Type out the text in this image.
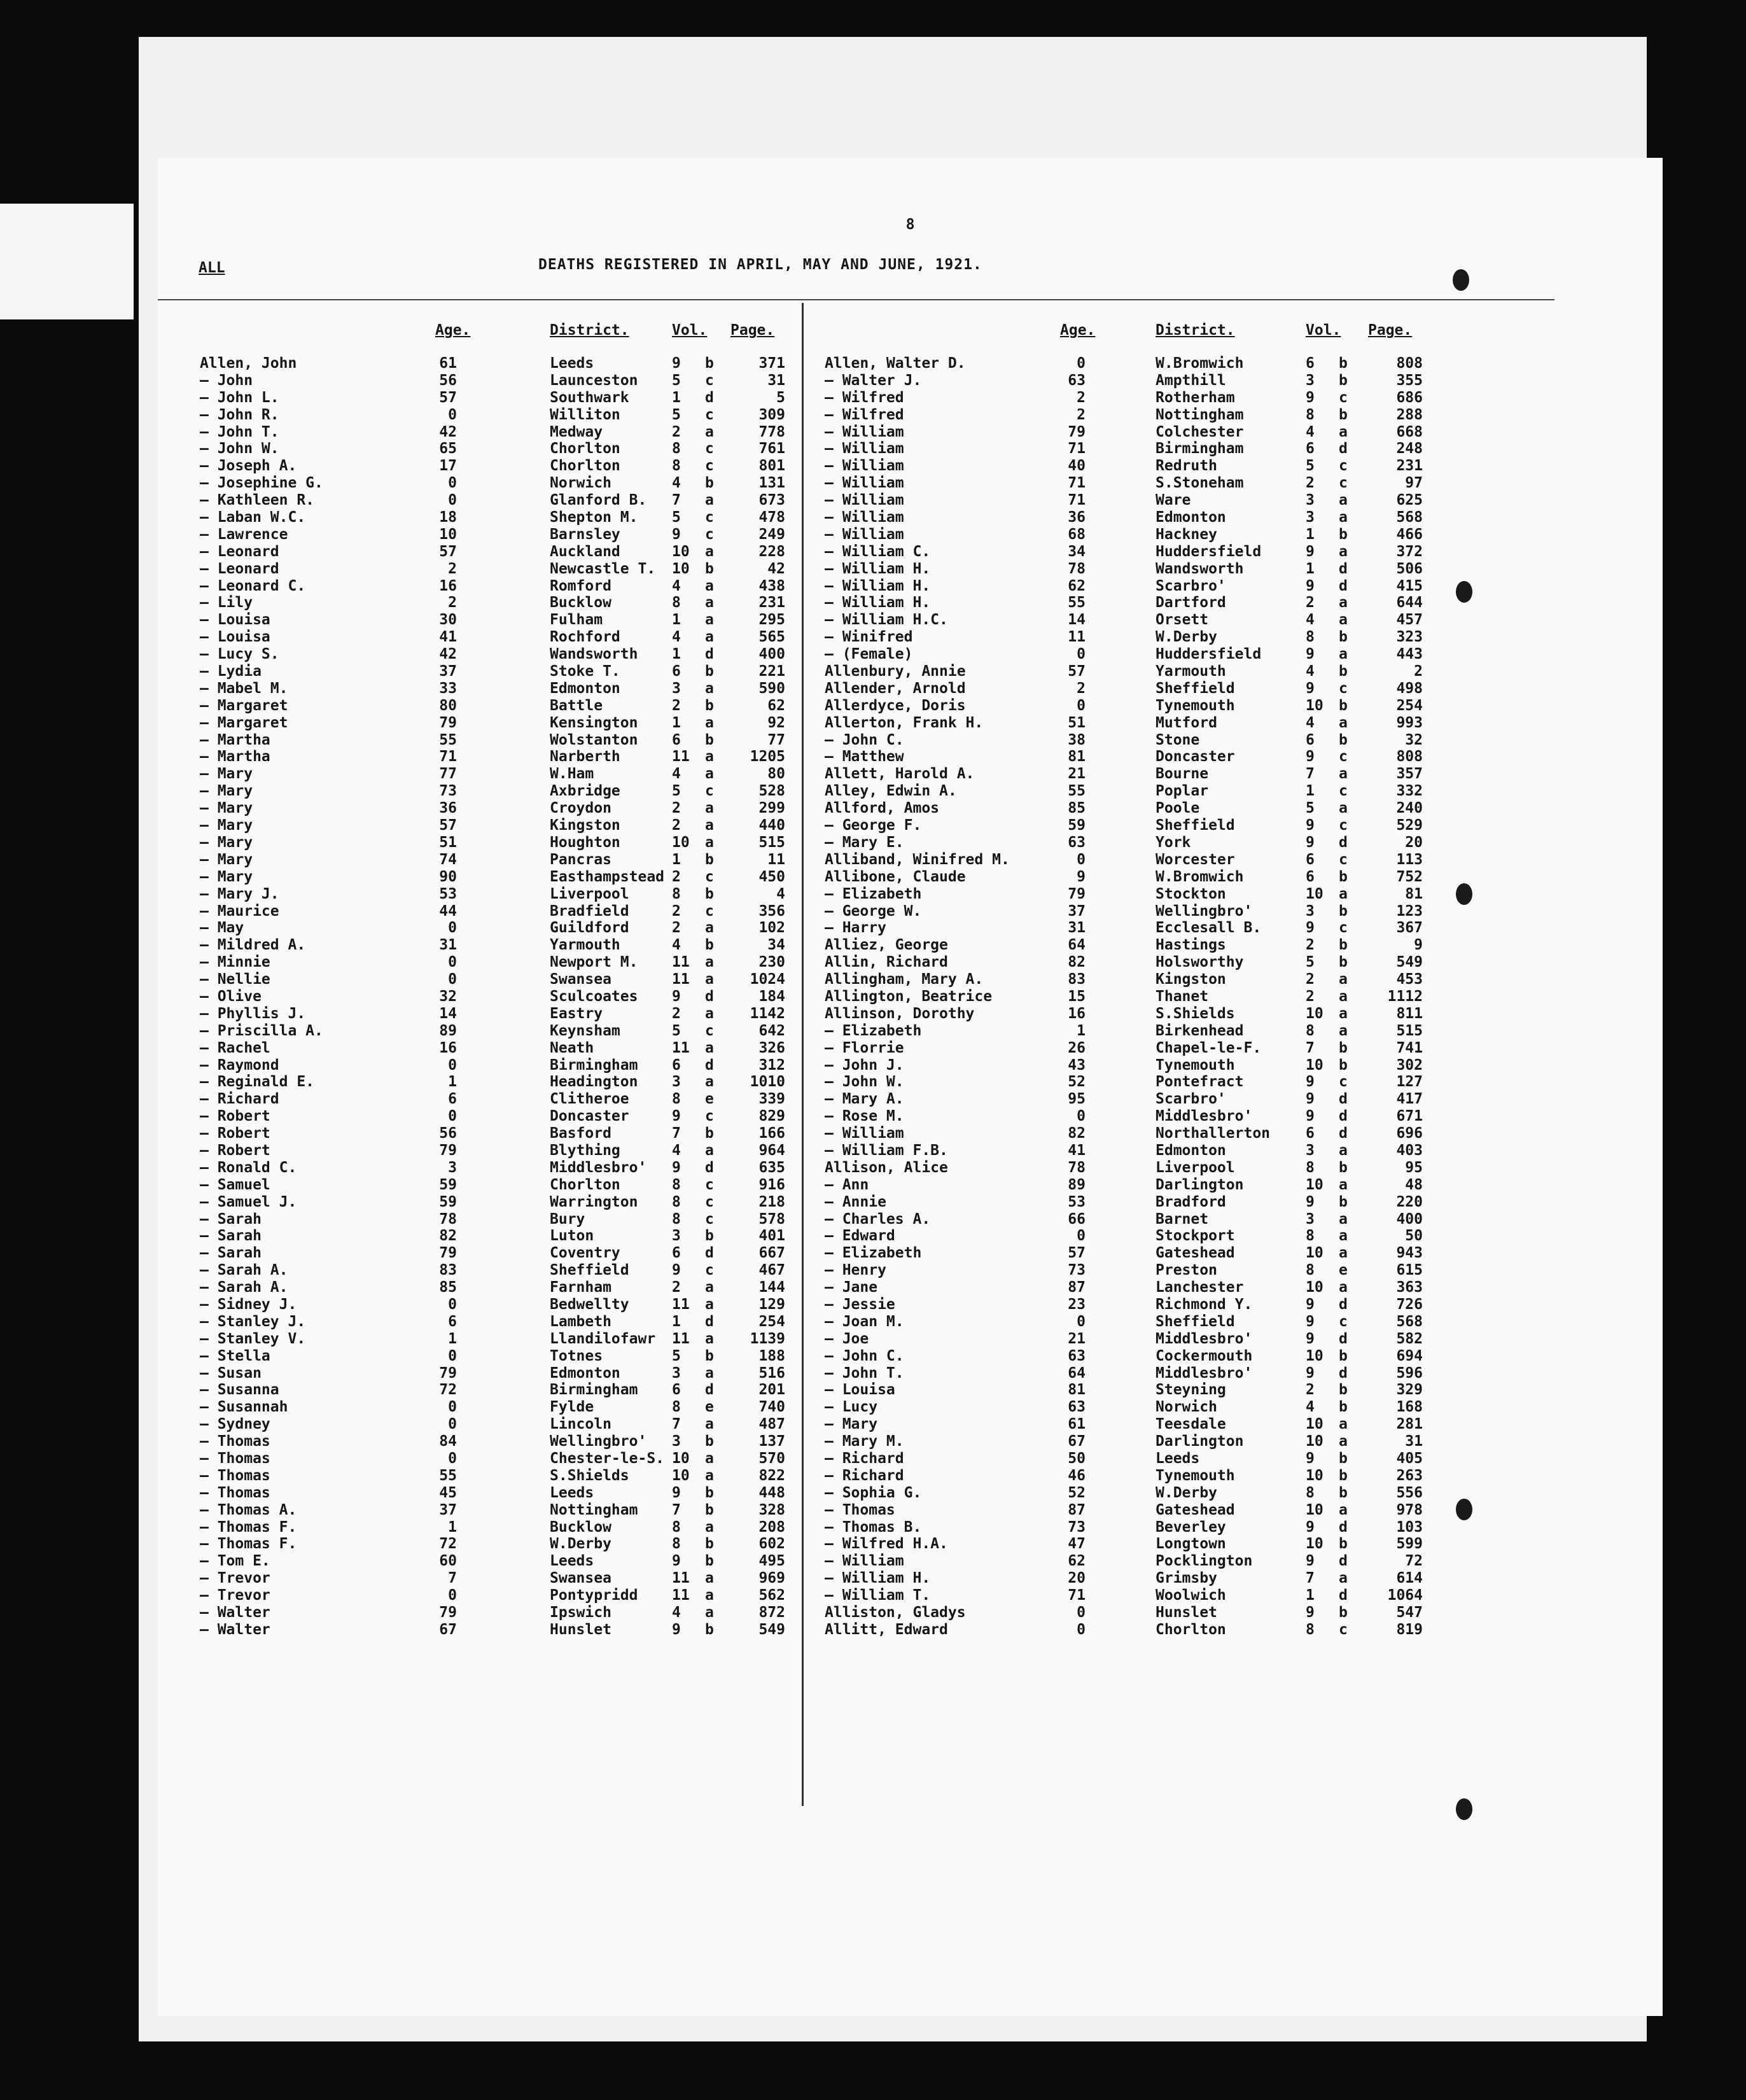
8
ALL	DEATHS REGISTERED IN APRIL, MAY AND JUNE, 1921.
Age.	District.	Vol. Page.
Allen, John	61	Leeds	9	b	371
— John	56	Launceston 5	c	31
— John L.	57	Southwark	1	d	5
— John R.	0	Williton	5	c	309
— John T.	42	Medway	2	a	778
— John W.	65	Chorlton	8	c	761
— Joseph A.	17	Chorlton	8	c	801
— Josephine G.	0	Norwich	4	b	131
— Kathleen R.	0	Glanford B. 7	a	673
— Laban W.C.	18	Shepton M. 5	c	478
— Lawrence	10	Barnsley	9	c	249
— Leonard	57	Auckland	10	a	228
— Leonard	2	Newcastle T. 10	b	42
— Leonard C.	16	Romford	4	a	438
— Lily	2	Bucklow	8	a	231
— Louisa	30	Fulham	1	a	295
— Louisa	41	Rochford	4	a	565
— Lucy S.	42	Wandsworth 1	d	400
— Lydia	37	Stoke T.	6	b	221
— Mabel M.	33	Edmonton	3	a	590
— Margaret	80	Battle	2	b	62
— Margaret	79	Kensington 1	a	92
— Martha	55	Wolstanton 6	b	77
— Martha	71	Narberth	11	a	1205
— Mary	77	W.Ham	4	a	80
— Mary	73	Axbridge	5	c	528
— Mary	36	Croydon	2	a	299
— Mary	57	Kingston	2	a	440
— Mary	51	Houghton	10	a	515
— Mary	74	Pancras	1	b	11
— Mary	90	Easthampstead 2	c	450
— Mary J.	53	Liverpool	8	b	4
— Maurice	44	Bradfield	2	c	356
— May	0	Guildford	2	a	102
— Mildred A.	31	Yarmouth	4	b	34
— Minnie	0	Newport M. 11	a	230
— Nellie	0	Swansea	11	a	1024
— Olive	32	Sculcoates 9	d	184
— Phyllis J.	14	Eastry	2	a	1142
— Priscilla A.	89	Keynsham	5	c	642
— Rachel	16	Neath	11	a	326
— Raymond	0	Birmingham 6	d	312
— Reginald E.	1	Headington 3	a	1010
— Richard	6	Clitheroe	8	e	339
— Robert	0	Doncaster	9	c	829
— Robert	56	Basford	7	b	166
— Robert	79	Blything	4	a	964
— Ronald C.	3	Middlesbro' 9	d	635
— Samuel	59	Chorlton	8	c	916
— Samuel J.	59	Warrington 8	c	218
— Sarah	78	Bury	8	c	578
— Sarah	82	Luton	3	b	401
— Sarah	79	Coventry	6	d	667
— Sarah A.	83	Sheffield	9	c	467
— Sarah A.	85	Farnham	2	a	144
— Sidney J.	0	Bedwellty	11	a	129
— Stanley J.	6	Lambeth	1	d	254
— Stanley V.	1	Llandilofawr 11	a	1139
— Stella	0	Totnes	5	b	188
— Susan	79	Edmonton	3	a	516
— Susanna	72	Birmingham 6	d	201
— Susannah	0	Fylde	8	e	740
— Sydney	0	Lincoln	7	a	487
— Thomas	84	Wellingbro' 3	b	137
— Thomas	0	Chester-le-S. 10	a	570
— Thomas	55	S.Shields	10	a	822
— Thomas	45	Leeds	9	b	448
— Thomas A.	37	Nottingham 7	b	328
— Thomas F.	1	Bucklow	8	a	208
— Thomas F.	72	W.Derby	8	b	602
— Tom E.	60	Leeds	9	b	495
— Trevor	7	Swansea	11	a	969
— Trevor	0	Pontypridd 11	a	562
— Walter	79	Ipswich	4	a	872
— Walter	67	Hunslet	9	b	549
Age.	District.	Vol. Page.
Allen, Walter D.	0	W.Bromwich	6	b	808
— Walter J.	63	Ampthill	3	b	355
— Wilfred	2	Rotherham	9	c	686
— Wilfred	2	Nottingham	8	b	288
— William	79	Colchester	4	a	668
— William	71	Birmingham	6	d	248
— William	40	Redruth	5	c	231
— William	71	S.Stoneham	2	c	97
— William	71	Ware	3	a	625
— William	36	Edmonton	3	a	568
— William	68	Hackney	1	b	466
— William C.	34	Huddersfield	9	a	372
— William H.	78	Wandsworth	1	d	506
— William H.	62	Scarbro'	9	d	415
— William H.	55	Dartford	2	a	644
— William H.C.	14	Orsett	4	a	457
— Winifred	11	W.Derby	8	b	323
— (Female)	0	Huddersfield	9	a	443
Allenbury, Annie	57	Yarmouth	4	b	2
Allender, Arnold	2	Sheffield	9	c	498
Allerdyce, Doris	0	Tynemouth	10	b	254
Allerton, Frank H.	51	Mutford	4	a	993
— John C.	38	Stone	6	b	32
— Matthew	81	Doncaster	9	c	808
Allett, Harold A.	21	Bourne	7	a	357
Alley, Edwin A.	55	Poplar	1	c	332
Allford, Amos	85	Poole	5	a	240
— George F.	59	Sheffield	9	c	529
— Mary E.	63	York	9	d	20
Alliband, Winifred M.	0	Worcester	6	c	113
Allibone, Claude	9	W.Bromwich	6	b	752
— Elizabeth	79	Stockton	10	a	81
— George W.	37	Wellingbro'	3	b	123
— Harry	31	Ecclesall B.	9	c	367
Alliez, George	64	Hastings	2	b	9
Allin, Richard	82	Holsworthy	5	b	549
Allingham, Mary A.	83	Kingston	2	a	453
Allington, Beatrice	15	Thanet	2	a	1112
Allinson, Dorothy	16	S.Shields	10	a	811
— Elizabeth	1	Birkenhead	8	a	515
— Florrie	26	Chapel-le-F.	7	b	741
— John J.	43	Tynemouth	10	b	302
— John W.	52	Pontefract	9	c	127
— Mary A.	95	Scarbro'	9	d	417
— Rose M.	0	Middlesbro'	9	d	671
— William	82	Northallerton 6	d	696
— William F.B.	41	Edmonton	3	a	403
Allison, Alice	78	Liverpool	8	b	95
— Ann	89	Darlington	10	a	48
— Annie	53	Bradford	9	b	220
— Charles A.	66	Barnet	3	a	400
— Edward	0	Stockport	8	a	50
— Elizabeth	57	Gateshead	10	a	943
— Henry	73	Preston	8	e	615
— Jane	87	Lanchester	10	a	363
— Jessie	23	Richmond Y.	9	d	726
— Joan M.	0	Sheffield	9	c	568
— Joe	21	Middlesbro'	9	d	582
— John C.	63	Cockermouth	10	b	694
— John T.	64	Middlesbro'	9	d	596
— Louisa	81	Steyning	2	b	329
— Lucy	63	Norwich	4	b	168
— Mary	61	Teesdale	10	a	281
— Mary M.	67	Darlington	10	a	31
— Richard	50	Leeds	9	b	405
— Richard	46	Tynemouth	10	b	263
— Sophia G.	52	W.Derby	8	b	556
— Thomas	87	Gateshead	10	a	978
— Thomas B.	73	Beverley	9	d	103
— Wilfred H.A.	47	Longtown	10	b	599
— William	62	Pocklington	9	d	72
— William H.	20	Grimsby	7	a	614
— William T.	71	Woolwich	1	d	1064
Alliston, Gladys	0	Hunslet	9	b	547
Allitt, Edward	0	Chorlton	8	c	819
